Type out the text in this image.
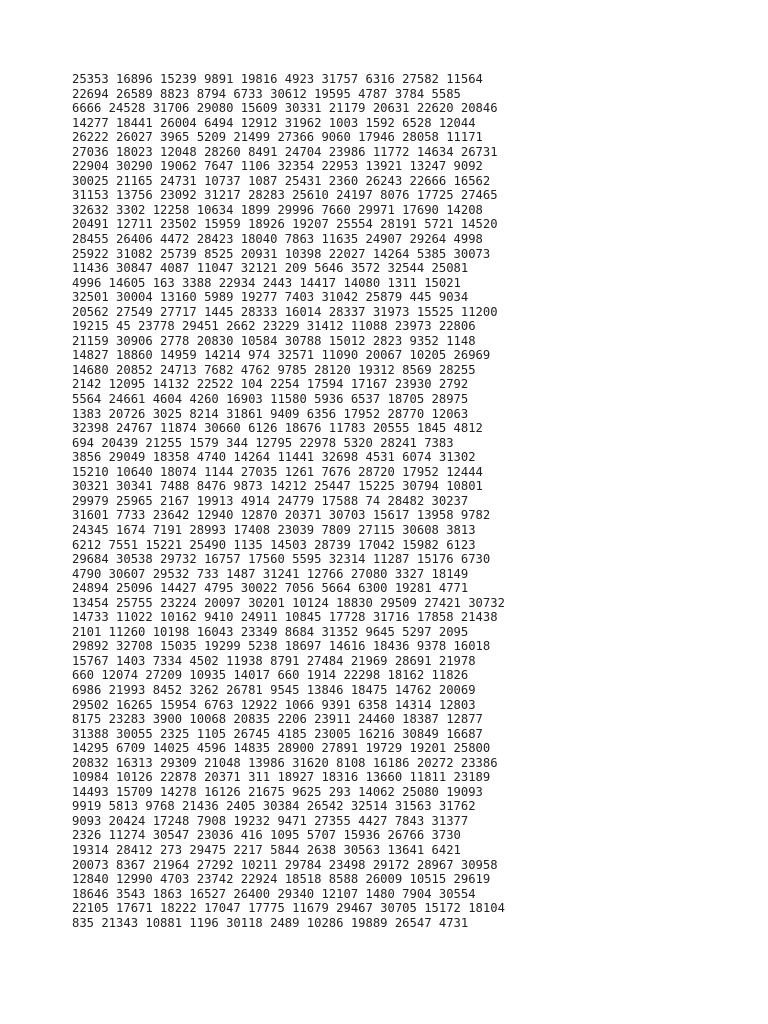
25353 16896 15239 9891 19816 4923 31757 6316 27582 11564
22694 26589 8823 8794 6733 30612 19595 4787 3784 5585
6666 24528 31706 29080 15609 30331 21179 20631 22620 20846
14277 18441 26004 6494 12912 31962 1003 1592 6528 12044
26222 26027 3965 5209 21499 27366 9060 17946 28058 11171
27036 18023 12048 28260 8491 24704 23986 11772 14634 26731
22904 30290 19062 7647 1106 32354 22953 13921 13247 9092
30025 21165 24731 10737 1087 25431 2360 26243 22666 16562
31153 13756 23092 31217 28283 25610 24197 8076 17725 27465
32632 3302 12258 10634 1899 29996 7660 29971 17690 14208
20491 12711 23502 15959 18926 19207 25554 28191 5721 14520
28455 26406 4472 28423 18040 7863 11635 24907 29264 4998
25922 31082 25739 8525 20931 10398 22027 14264 5385 30073
11436 30847 4087 11047 32121 209 5646 3572 32544 25081
4996 14605 163 3388 22934 2443 14417 14080 1311 15021
32501 30004 13160 5989 19277 7403 31042 25879 445 9034
20562 27549 27717 1445 28333 16014 28337 31973 15525 11200
19215 45 23778 29451 2662 23229 31412 11088 23973 22806
21159 30906 2778 20830 10584 30788 15012 2823 9352 1148
14827 18860 14959 14214 974 32571 11090 20067 10205 26969
14680 20852 24713 7682 4762 9785 28120 19312 8569 28255
2142 12095 14132 22522 104 2254 17594 17167 23930 2792
5564 24661 4604 4260 16903 11580 5936 6537 18705 28975
1383 20726 3025 8214 31861 9409 6356 17952 28770 12063
32398 24767 11874 30660 6126 18676 11783 20555 1845 4812
694 20439 21255 1579 344 12795 22978 5320 28241 7383
3856 29049 18358 4740 14264 11441 32698 4531 6074 31302
15210 10640 18074 1144 27035 1261 7676 28720 17952 12444
30321 30341 7488 8476 9873 14212 25447 15225 30794 10801
29979 25965 2167 19913 4914 24779 17588 74 28482 30237
31601 7733 23642 12940 12870 20371 30703 15617 13958 9782
24345 1674 7191 28993 17408 23039 7809 27115 30608 3813
6212 7551 15221 25490 1135 14503 28739 17042 15982 6123
29684 30538 29732 16757 17560 5595 32314 11287 15176 6730
4790 30607 29532 733 1487 31241 12766 27080 3327 18149
24894 25096 14427 4795 30022 7056 5664 6300 19281 4771
13454 25755 23224 20097 30201 10124 18830 29509 27421 30732
14733 11022 10162 9410 24911 10845 17728 31716 17858 21438
2101 11260 10198 16043 23349 8684 31352 9645 5297 2095
29892 32708 15035 19299 5238 18697 14616 18436 9378 16018
15767 1403 7334 4502 11938 8791 27484 21969 28691 21978
660 12074 27209 10935 14017 660 1914 22298 18162 11826
6986 21993 8452 3262 26781 9545 13846 18475 14762 20069
29502 16265 15954 6763 12922 1066 9391 6358 14314 12803
8175 23283 3900 10068 20835 2206 23911 24460 18387 12877
31388 30055 2325 1105 26745 4185 23005 16216 30849 16687
14295 6709 14025 4596 14835 28900 27891 19729 19201 25800
20832 16313 29309 21048 13986 31620 8108 16186 20272 23386
10984 10126 22878 20371 311 18927 18316 13660 11811 23189
14493 15709 14278 16126 21675 9625 293 14062 25080 19093
9919 5813 9768 21436 2405 30384 26542 32514 31563 31762
9093 20424 17248 7908 19232 9471 27355 4427 7843 31377
2326 11274 30547 23036 416 1095 5707 15936 26766 3730
19314 28412 273 29475 2217 5844 2638 30563 13641 6421
20073 8367 21964 27292 10211 29784 23498 29172 28967 30958
12840 12990 4703 23742 22924 18518 8588 26009 10515 29619
18646 3543 1863 16527 26400 29340 12107 1480 7904 30554
22105 17671 18222 17047 17775 11679 29467 30705 15172 18104
835 21343 10881 1196 30118 2489 10286 19889 26547 4731
